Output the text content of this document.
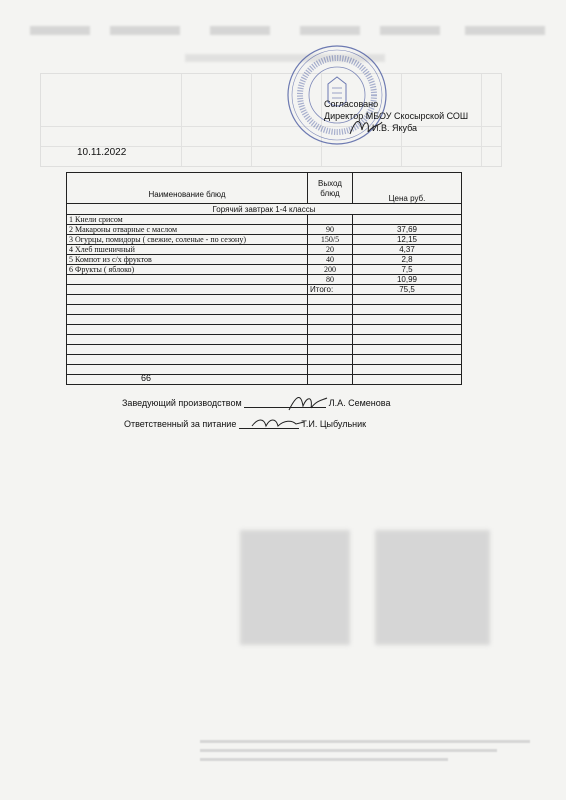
Согласовано
Директор МБОУ Скосырской СОШ
И.В. Якуба
10.11.2022
Наименование блюд	Выход блюд	Цена руб.
Горячий завтрак 1-4 классы		
1 Кнели срисом		
2 Макароны отварные с маслом	90	37,69
3 Огурцы, помидоры ( свежие, соленые - по сезону)	150/5	12,15
4 Хлеб пшеничный	20	4,37
5 Компот из с/х фруктов	40	2,8
6 Фрукты ( яблоко)	200	7,5
	80	10,99
	Итого:	75,5

66
Заведующий производством	Л.А. Семенова
Ответственный за питание	Т.И. Цыбульник
